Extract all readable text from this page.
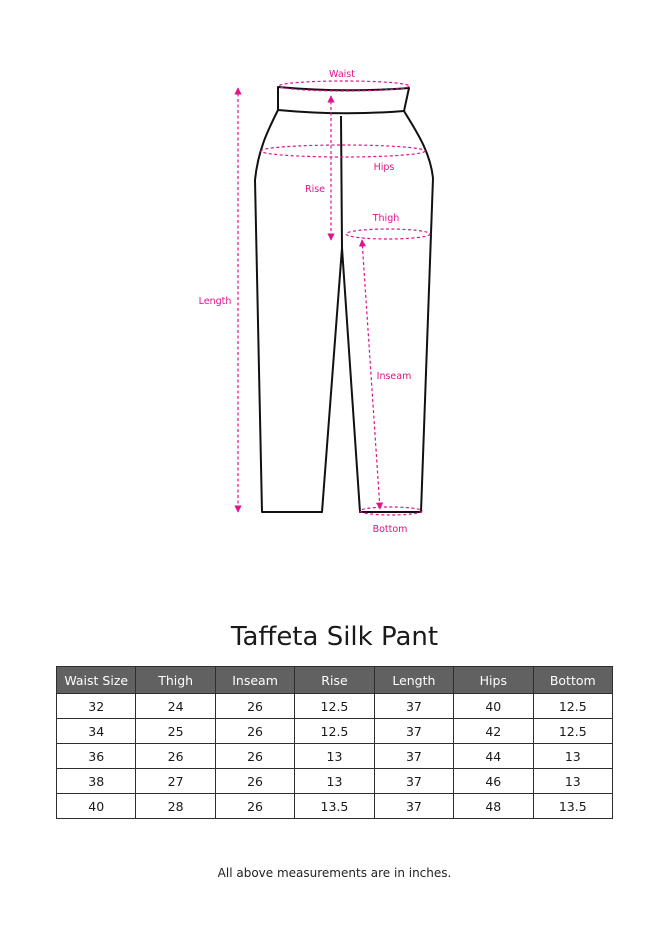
Waist
Hips
Rise
Thigh
Length
Inseam
Bottom
Taffeta Silk Pant
Waist Size	Thigh	Inseam	Rise	Length	Hips	Bottom
32	24	26	12.5	37	40	12.5
34	25	26	12.5	37	42	12.5
36	26	26	13	37	44	13
38	27	26	13	37	46	13
40	28	26	13.5	37	48	13.5
All above measurements are in inches.
